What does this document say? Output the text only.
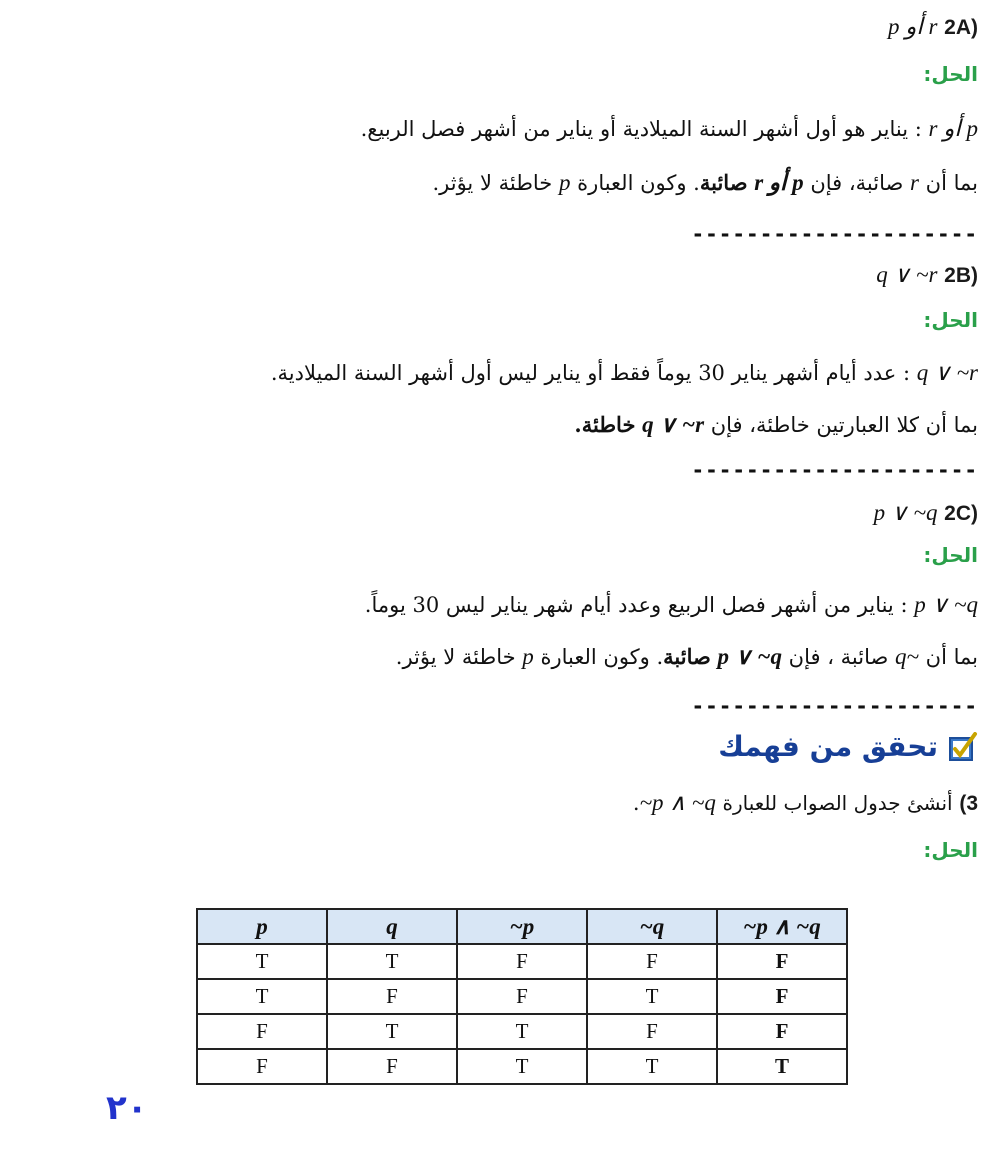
(2A p أو r
الحل:
r أو p : يناير هو أول أشهر السنة الميلادية أو يناير من أشهر فصل الربيع.
بما أن r صائبة، فإن r أو p صائبة. وكون العبارة p خاطئة لا يؤثر.
---------------------
(2B q ∨ ~r
الحل:
q ∨ ~r : عدد أيام أشهر يناير 30 يوماً فقط أو يناير ليس أول أشهر السنة الميلادية.
بما أن كلا العبارتين خاطئة، فإن q ∨ ~r خاطئة.
---------------------
(2C p ∨ ~q
الحل:
p ∨ ~q : يناير من أشهر فصل الربيع وعدد أيام شهر يناير ليس 30 يوماً.
بما أن q~ صائبة ، فإن p ∨ ~q صائبة. وكون العبارة p خاطئة لا يؤثر.
---------------------
تحقق من فهمك
3) أنشئ جدول الصواب للعبارة ~p ∧ ~q.
الحل:
p	q	~p	~q	~p ∧ ~q
T	T	F	F	F
T	F	F	T	F
F	T	T	F	F
F	F	T	T	T
٢٠
